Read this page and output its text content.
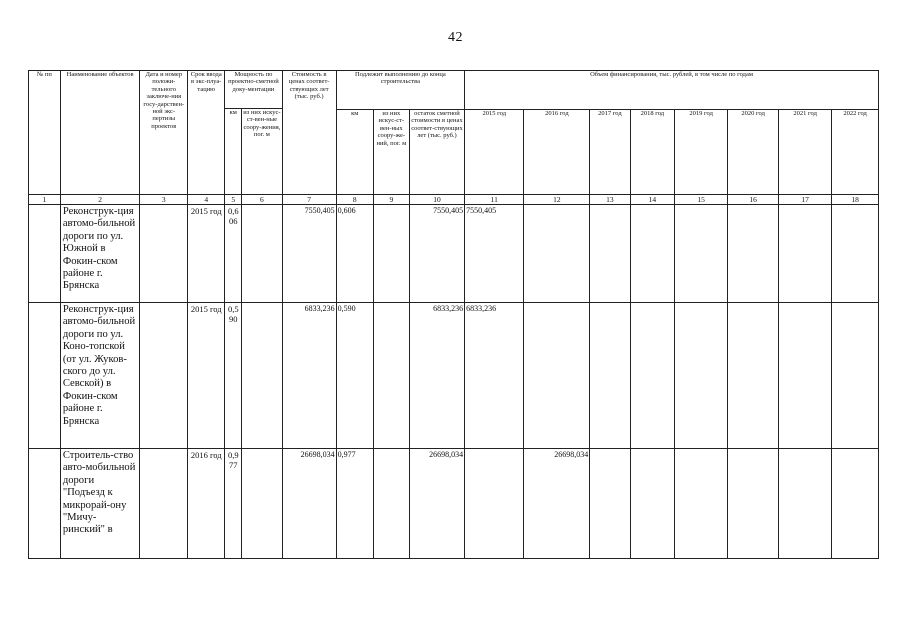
42
№ пп	Наименование объектов	Дата и номер положи-тельного заключе-ния госу-дарствен-ной экс-пертизы проектов	Срок ввода в экс-плуа-тацию	Мощность по проектно-сметной доку-ментации		Стоимость в ценах соответ-ствующих лет (тыс. руб.)	Подлежит выполнению до конца строительства			Объем финансирования, тыс. рублей, в том числе по годам							
				км	из них искус-ст-вен-ные соору-жения, пог. м												
							км	из них искус-ст-вен-ных соору-же-ний, пог. м	остаток сметной стоимости в ценах соответ-ствующих лет (тыс. руб.)	2015 год	2016 год	2017 год	2018 год	2019 год	2020 год	2021 год	2022 год
1	2	3	4	5	6	7	8	9	10	11	12	13	14	15	16	17	18
	Реконструк-ция автомо-бильной дороги по ул. Южной в Фокин-ском районе г. Брянска		2015 год	0,606		7550,405	0,606		7550,405	7550,405							
	Реконструк-ция автомо-бильной дороги по ул. Коно-топской (от ул. Жуков-ского до ул. Севской) в Фокин-ском районе г. Брянска		2015 год	0,590		6833,236	0,590		6833,236	6833,236							
	Строитель-ство авто-мобильной дороги "Подъезд к микрорай-ону "Мичу-ринский" в		2016 год	0,977		26698,034	0,977		26698,034		26698,034						
